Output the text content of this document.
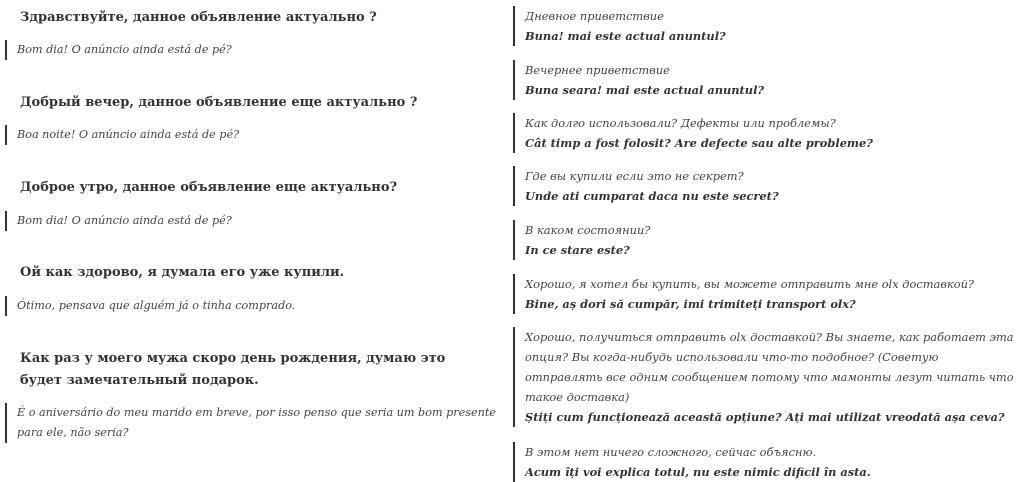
Здравствуйте, данное объявление актуально ?

Bom dia! O anúncio ainda está de pé?

Добрый вечер, данное объявление еще актуально ?

Boa noite! O anúncio ainda está de pé?

Доброе утро, данное объявление еще актуально?

Bom dia! O anúncio ainda está de pé?

Ой как здорово, я думала его уже купили.

Ótimo, pensava que alguém já o tinha comprado.

Как раз у моего мужа скоро день рождения, думаю это будет замечательный подарок.

É o aniversário do meu marido em breve, por isso penso que seria um bom presente para ele, não seria?
Дневное приветствие
Buna! mai este actual anuntul?
Вечернее приветствие
Buna seara! mai este actual anuntul?
Как долго использовали? Дефекты или проблемы?
Cât timp a fost folosit? Are defecte sau alte probleme?
Где вы купили если это не секрет?
Unde ati cumparat daca nu este secret?
В каком состоянии?
In ce stare este?
Хорошо, я хотел бы купить, вы можете отправить мне olx доставкой?
Bine, aș dori să cumpăr, imi trimiteți transport olx?
Хорошо, получиться отправить olx доставкой? Вы знаете, как работает эта опция? Вы когда-нибудь использовали что-то подобное? (Советую отправлять все одним сообщением потому что мамонты лезут читать что такое доставка)
Știți cum funcționează această opțiune? Ați mai utilizat vreodată așa ceva?
В этом нет ничего сложного, сейчас объясню.
Acum îți voi explica totul, nu este nimic dificil în asta.
